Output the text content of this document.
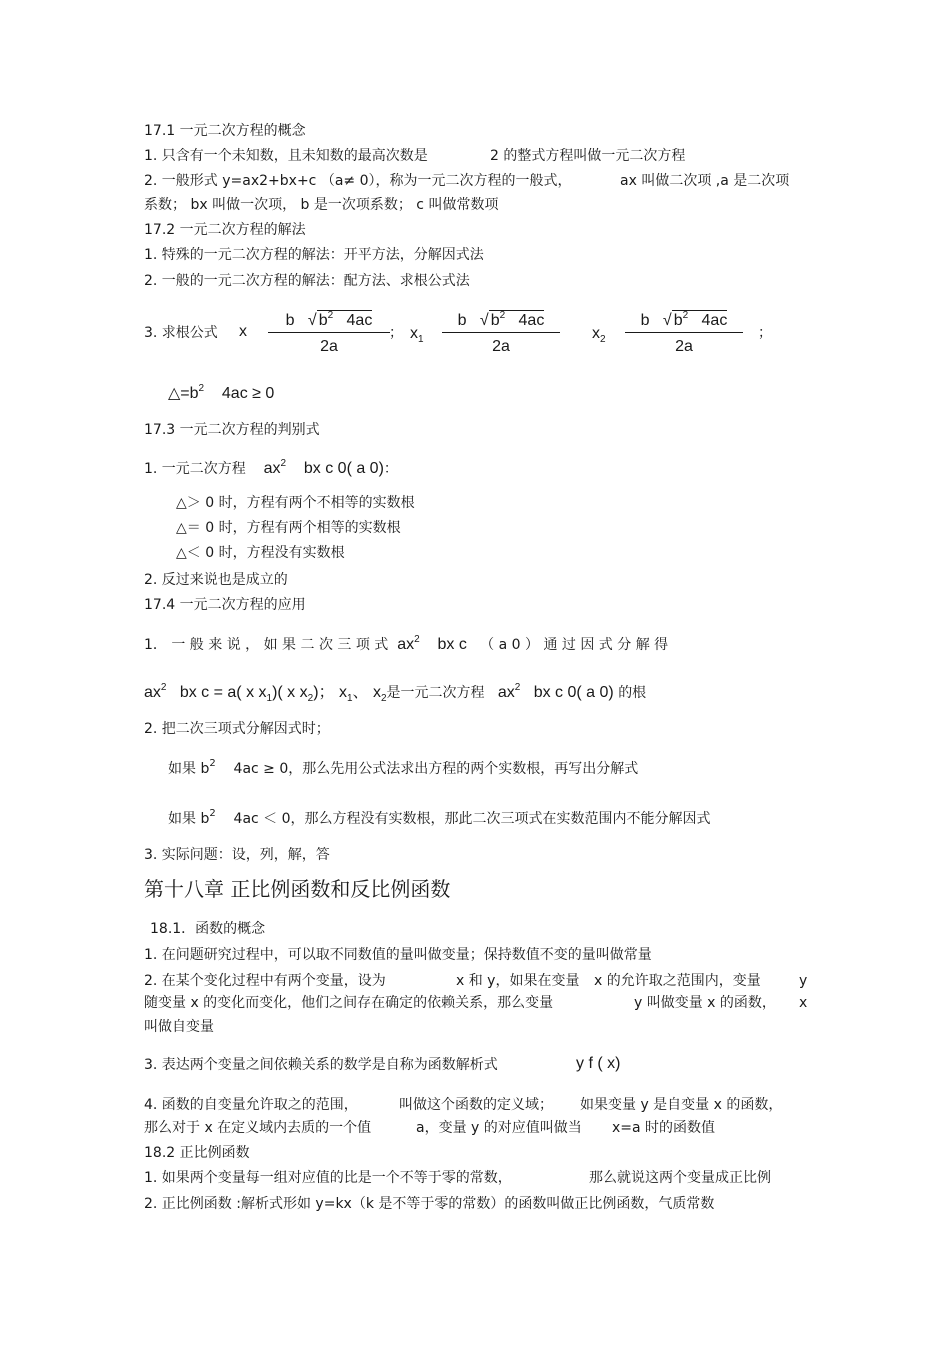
17.1 一元二次方程的概念
1. 只含有一个未知数，且未知数的最高次数是	2 的整式方程叫做一元二次方程
2. 一般形式 y=ax2+bx+c （a≠ 0），称为一元二次方程的一般式，	ax 叫做二次项 ,a 是二次项
系数； bx 叫做一次项， b 是一次项系数； c 叫做常数项
17.2 一元二次方程的解法
1. 特殊的一元二次方程的解法：开平方法，分解因式法
2. 一般的一元二次方程的解法：配方法、求根公式法
3. 求根公式 x
b   √ $b^2$ 4ac
2a
； $x_1$
b   √ $b^2$ 4ac
2a
$x_2$
b   √ $b^2$ 4ac
2a
；
$\triangle=b^2$ 4ac ≥ 0
17.3 一元二次方程的判别式
1. 一元二次方程 $ax^2$ bx c 0( a 0)：
△＞ 0 时，方程有两个不相等的实数根
△＝ 0 时，方程有两个相等的实数根
△＜ 0 时，方程没有实数根
2. 反过来说也是成立的
17.4 一元二次方程的应用
1． 一 般 来 说 ， 如 果 二 次 三 项 式 $ax^2$ bx c （ a 0 ） 通 过 因 式 分 解 得
$ax^2$ bx c = a( x $x_1$)( x $x_2$)； $x_1$、 $x_2$是一元二次方程 $ax^2$ bx c 0( a 0) 的根
2. 把二次三项式分解因式时；
如果 $b^2$ 4ac ≥ 0，那么先用公式法求出方程的两个实数根，再写出分解式
如果 $b^2$ 4ac ＜ 0，那么方程没有实数根，那此二次三项式在实数范围内不能分解因式
3. 实际问题：设，列，解，答
第十八章 正比例函数和反比例函数
18.1．函数的概念
1. 在问题研究过程中，可以取不同数值的量叫做变量；保持数值不变的量叫做常量
2. 在某个变化过程中有两个变量，设为	x 和 y，如果在变量 x 的允许取之范围内，变量	y
随变量 x 的变化而变化，他们之间存在确定的依赖关系，那么变量	y 叫做变量 x 的函数， x
叫做自变量
3. 表达两个变量之间依赖关系的数学是自称为函数解析式	y f ( x)
4. 函数的自变量允许取之的范围，	叫做这个函数的定义域； 如果变量 y 是自变量 x 的函数，
那么对于 x 在定义域内去质的一个值	a，变量 y 的对应值叫做当 x=a 时的函数值
18.2 正比例函数
1. 如果两个变量每一组对应值的比是一个不等于零的常数，	那么就说这两个变量成正比例
2. 正比例函数 :解析式形如 y=kx（k 是不等于零的常数）的函数叫做正比例函数，气质常数
